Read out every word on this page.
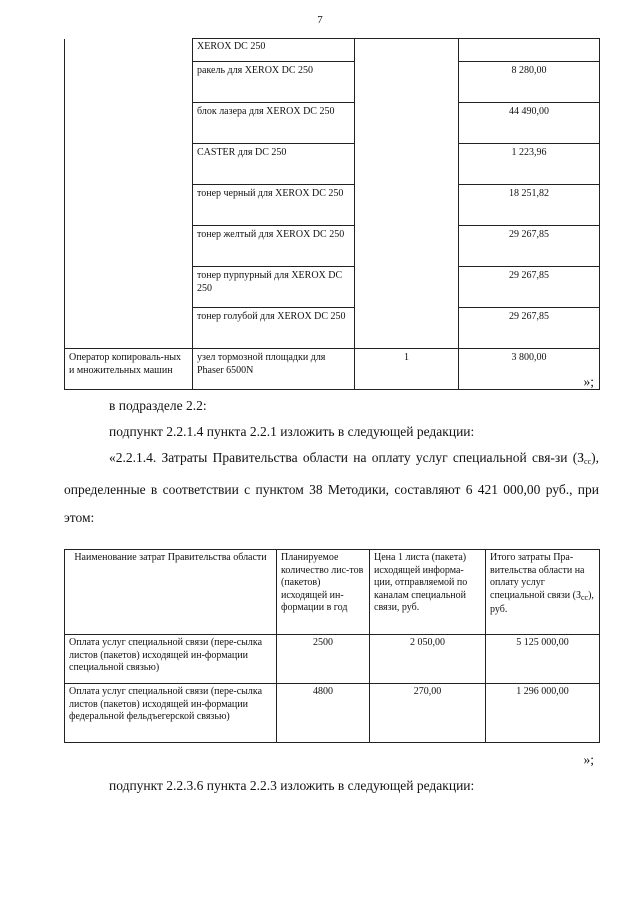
7
	XEROX DC 250		
	ракель для XEROX DC 250		8 280,00
	блок лазера для XEROX DC 250		44 490,00
	CASTER для DC 250		1 223,96
	тонер черный для XEROX DC 250		18 251,82
	тонер желтый для XEROX DC 250		29 267,85
	тонер пурпурный для XEROX DC 250		29 267,85
	тонер голубой для XEROX DC 250		29 267,85
Оператор копироваль-ных и множительных машин	узел тормозной площадки для Phaser 6500N	1	3 800,00
»;
в подразделе 2.2:
подпункт 2.2.1.4 пункта 2.2.1 изложить в следующей редакции:
«2.2.1.4. Затраты Правительства области на оплату услуг специальной свя-зи $(З_{сс})$, определенные в соответствии с пунктом 38 Методики, составляют 6 421 000,00 руб., при этом:
Наименование затрат Правительства области	Планируемое количество лис-тов (пакетов) исходящей ин-формации в год	Цена 1 листа (пакета) исходящей информа-ции, отправляемой по каналам специальной связи, руб.	Итого затраты Пра-вительства области на оплату услуг специальной связи $(З_{сс})$, руб.
Оплата услуг специальной связи (пере-сылка листов (пакетов) исходящей ин-формации специальной связью)	2500	2 050,00	5 125 000,00
Оплата услуг специальной связи (пере-сылка листов (пакетов) исходящей ин-формации федеральной фельдъегерской связью)	4800	270,00	1 296 000,00
»;
подпункт 2.2.3.6 пункта 2.2.3 изложить в следующей редакции:
